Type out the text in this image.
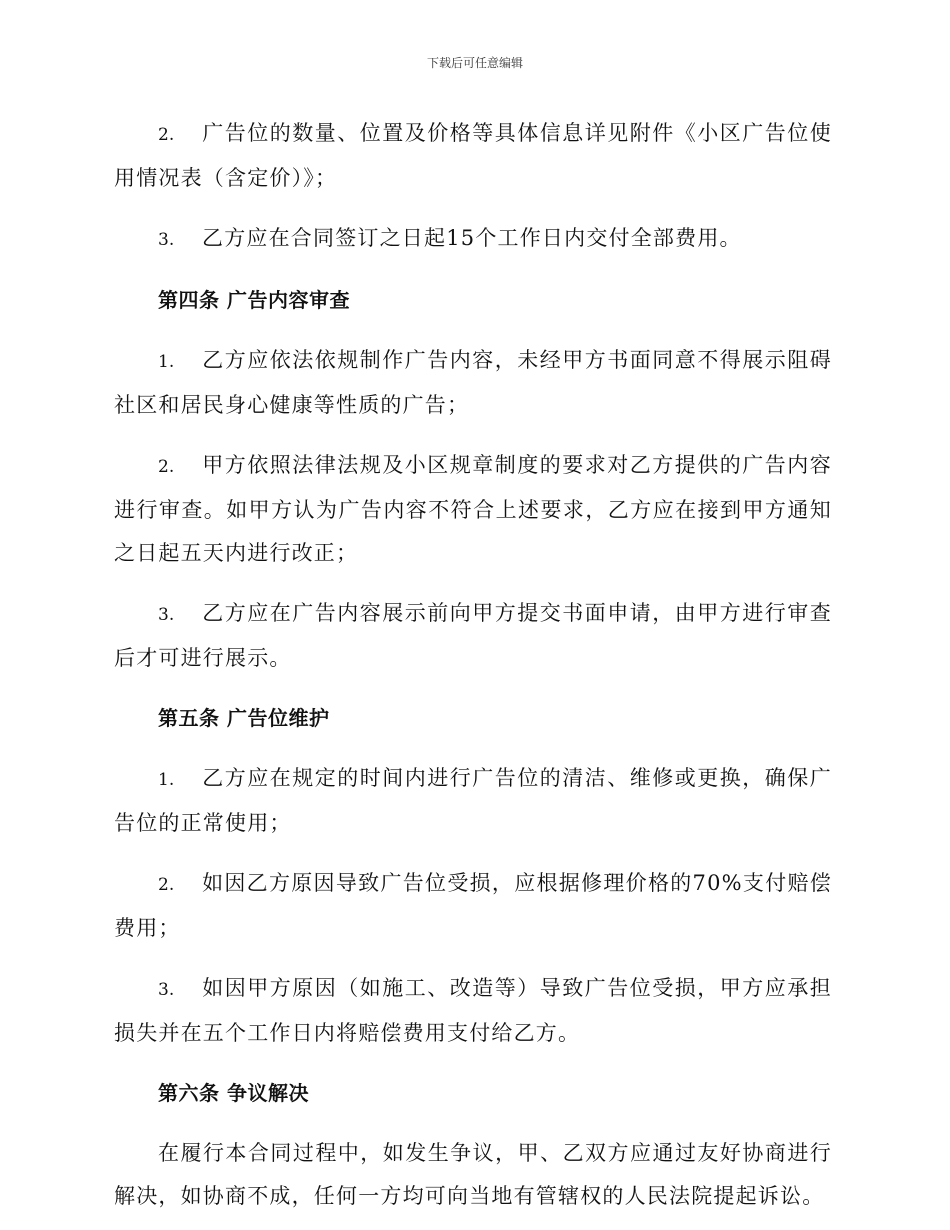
下载后可任意编辑

2. 广告位的数量、位置及价格等具体信息详见附件《小区广告位使用情况表（含定价）》；

3. 乙方应在合同签订之日起15个工作日内交付全部费用。

第四条 广告内容审查

1. 乙方应依法依规制作广告内容，未经甲方书面同意不得展示阻碍社区和居民身心健康等性质的广告；

2. 甲方依照法律法规及小区规章制度的要求对乙方提供的广告内容进行审查。如甲方认为广告内容不符合上述要求，乙方应在接到甲方通知之日起五天内进行改正；

3. 乙方应在广告内容展示前向甲方提交书面申请，由甲方进行审查后才可进行展示。

第五条 广告位维护

1. 乙方应在规定的时间内进行广告位的清洁、维修或更换，确保广告位的正常使用；

2. 如因乙方原因导致广告位受损，应根据修理价格的70%支付赔偿费用；

3. 如因甲方原因（如施工、改造等）导致广告位受损，甲方应承担损失并在五个工作日内将赔偿费用支付给乙方。

第六条 争议解决

在履行本合同过程中，如发生争议，甲、乙双方应通过友好协商进行解决，如协商不成，任何一方均可向当地有管辖权的人民法院提起诉讼。
